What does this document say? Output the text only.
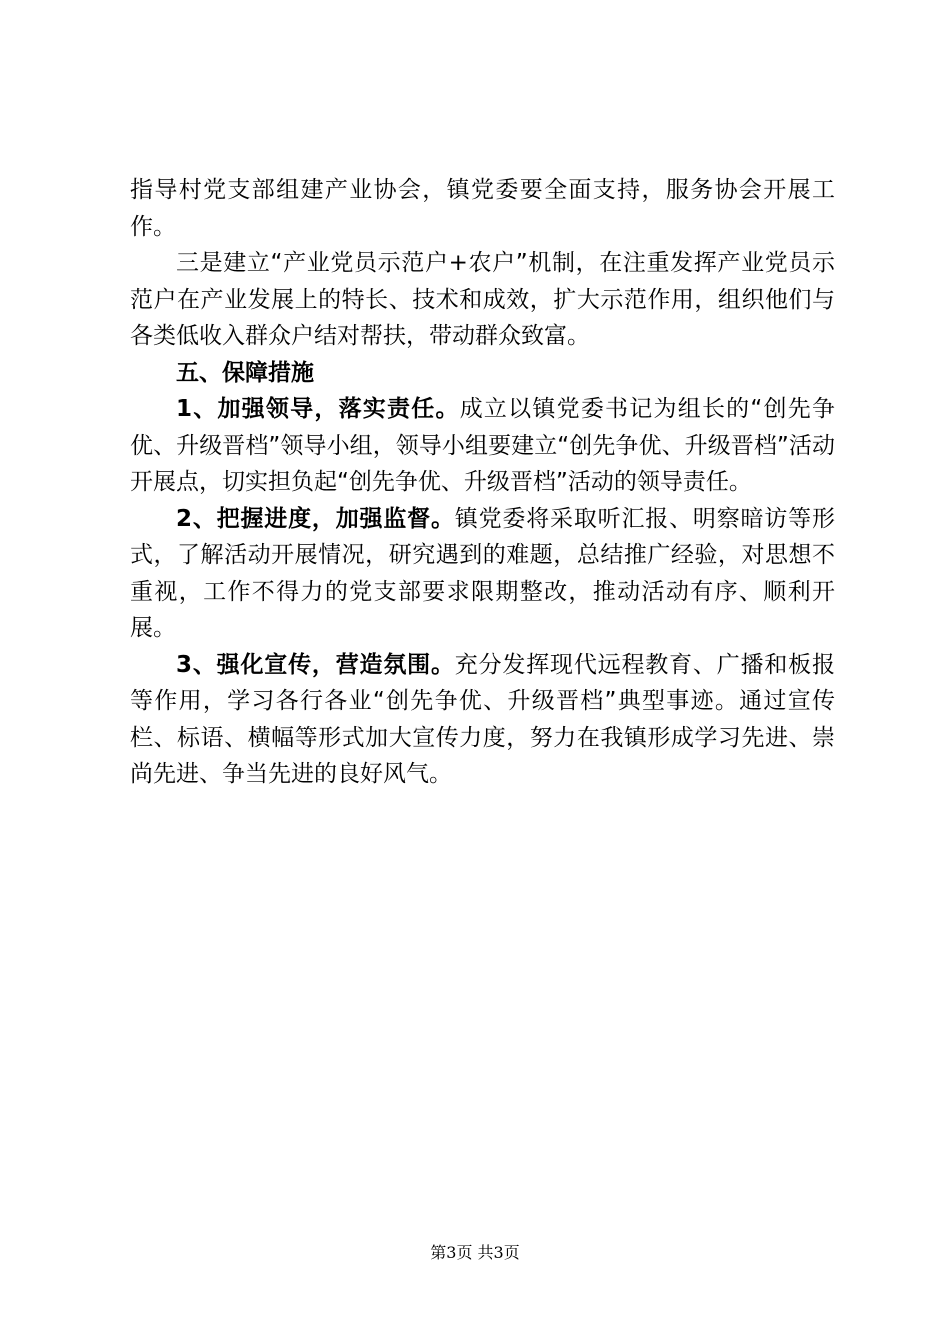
指导村党支部组建产业协会，镇党委要全面支持，服务协会开展工作。

三是建立“产业党员示范户+农户”机制，在注重发挥产业党员示范户在产业发展上的特长、技术和成效，扩大示范作用，组织他们与各类低收入群众户结对帮扶，带动群众致富。

五、保障措施

1、加强领导，落实责任。成立以镇党委书记为组长的“创先争优、升级晋档”领导小组，领导小组要建立“创先争优、升级晋档”活动开展点，切实担负起“创先争优、升级晋档”活动的领导责任。

2、把握进度，加强监督。镇党委将采取听汇报、明察暗访等形式，了解活动开展情况，研究遇到的难题，总结推广经验，对思想不重视，工作不得力的党支部要求限期整改，推动活动有序、顺利开展。

3、强化宣传，营造氛围。充分发挥现代远程教育、广播和板报等作用，学习各行各业“创先争优、升级晋档”典型事迹。通过宣传栏、标语、横幅等形式加大宣传力度，努力在我镇形成学习先进、崇尚先进、争当先进的良好风气。

第3页 共3页
